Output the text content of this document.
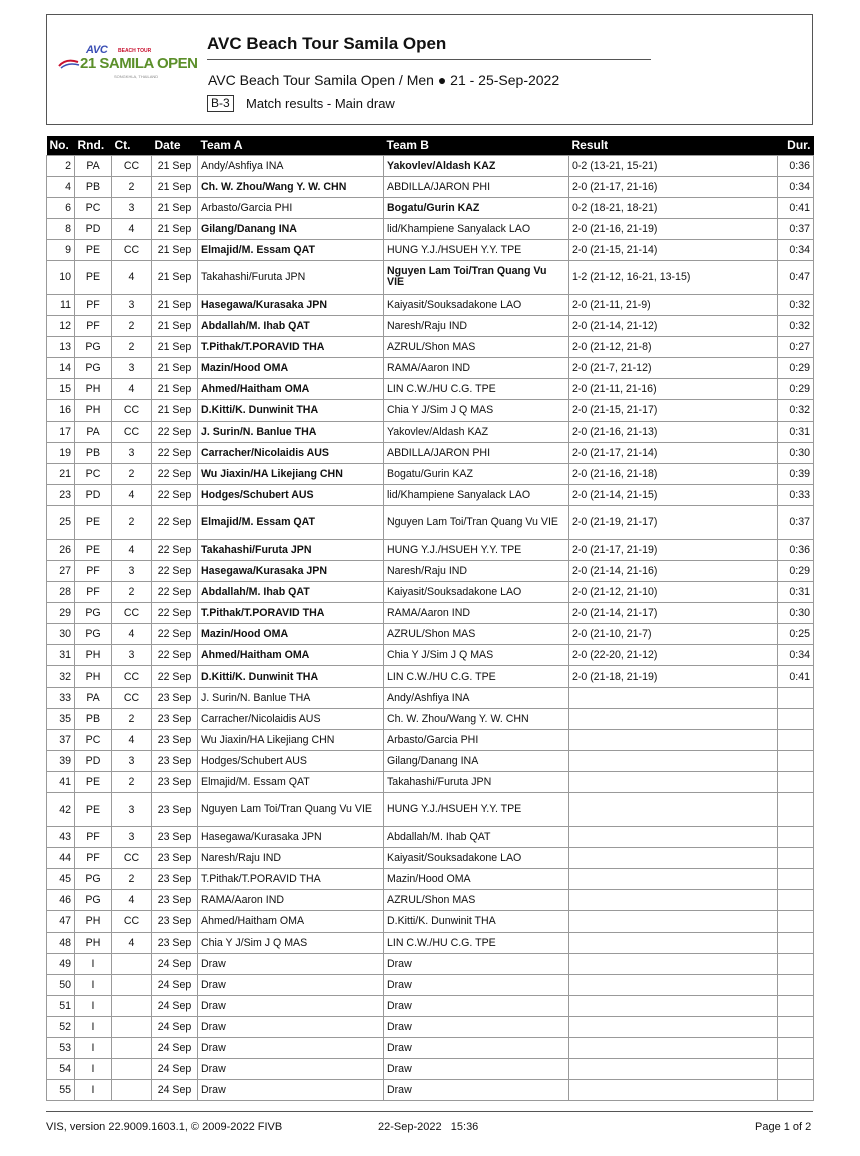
AVC BEACH TOUR
21 SAMILA OPEN
SONGKHLA, THAILAND
AVC Beach Tour Samila Open
AVC Beach Tour Samila Open / Men ● 21 - 25-Sep-2022
B-3	Match results - Main draw
No.	Rnd.	Ct.	Date	Team A	Team B	Result	Dur.
2	PA	CC	21 Sep	Andy/Ashfiya INA	Yakovlev/Aldash KAZ	0-2 (13-21, 15-21)	0:36
4	PB	2	21 Sep	Ch. W. Zhou/Wang Y. W. CHN	ABDILLA/JARON PHI	2-0 (21-17, 21-16)	0:34
6	PC	3	21 Sep	Arbasto/Garcia PHI	Bogatu/Gurin KAZ	0-2 (18-21, 18-21)	0:41
8	PD	4	21 Sep	Gilang/Danang INA	lid/Khampiene Sanyalack LAO	2-0 (21-16, 21-19)	0:37
9	PE	CC	21 Sep	Elmajid/M. Essam QAT	HUNG Y.J./HSUEH Y.Y. TPE	2-0 (21-15, 21-14)	0:34
10	PE	4	21 Sep	Takahashi/Furuta JPN	Nguyen Lam Toi/Tran Quang Vu VIE	1-2 (21-12, 16-21, 13-15)	0:47
11	PF	3	21 Sep	Hasegawa/Kurasaka JPN	Kaiyasit/Souksadakone LAO	2-0 (21-11, 21-9)	0:32
12	PF	2	21 Sep	Abdallah/M. Ihab QAT	Naresh/Raju IND	2-0 (21-14, 21-12)	0:32
13	PG	2	21 Sep	T.Pithak/T.PORAVID THA	AZRUL/Shon MAS	2-0 (21-12, 21-8)	0:27
14	PG	3	21 Sep	Mazin/Hood OMA	RAMA/Aaron IND	2-0 (21-7, 21-12)	0:29
15	PH	4	21 Sep	Ahmed/Haitham OMA	LIN C.W./HU C.G. TPE	2-0 (21-11, 21-16)	0:29
16	PH	CC	21 Sep	D.Kitti/K. Dunwinit THA	Chia Y J/Sim J Q MAS	2-0 (21-15, 21-17)	0:32
17	PA	CC	22 Sep	J. Surin/N. Banlue THA	Yakovlev/Aldash KAZ	2-0 (21-16, 21-13)	0:31
19	PB	3	22 Sep	Carracher/Nicolaidis AUS	ABDILLA/JARON PHI	2-0 (21-17, 21-14)	0:30
21	PC	2	22 Sep	Wu Jiaxin/HA Likejiang CHN	Bogatu/Gurin KAZ	2-0 (21-16, 21-18)	0:39
23	PD	4	22 Sep	Hodges/Schubert AUS	lid/Khampiene Sanyalack LAO	2-0 (21-14, 21-15)	0:33
25	PE	2	22 Sep	Elmajid/M. Essam QAT	Nguyen Lam Toi/Tran Quang Vu VIE	2-0 (21-19, 21-17)	0:37
26	PE	4	22 Sep	Takahashi/Furuta JPN	HUNG Y.J./HSUEH Y.Y. TPE	2-0 (21-17, 21-19)	0:36
27	PF	3	22 Sep	Hasegawa/Kurasaka JPN	Naresh/Raju IND	2-0 (21-14, 21-16)	0:29
28	PF	2	22 Sep	Abdallah/M. Ihab QAT	Kaiyasit/Souksadakone LAO	2-0 (21-12, 21-10)	0:31
29	PG	CC	22 Sep	T.Pithak/T.PORAVID THA	RAMA/Aaron IND	2-0 (21-14, 21-17)	0:30
30	PG	4	22 Sep	Mazin/Hood OMA	AZRUL/Shon MAS	2-0 (21-10, 21-7)	0:25
31	PH	3	22 Sep	Ahmed/Haitham OMA	Chia Y J/Sim J Q MAS	2-0 (22-20, 21-12)	0:34
32	PH	CC	22 Sep	D.Kitti/K. Dunwinit THA	LIN C.W./HU C.G. TPE	2-0 (21-18, 21-19)	0:41
33	PA	CC	23 Sep	J. Surin/N. Banlue THA	Andy/Ashfiya INA		
35	PB	2	23 Sep	Carracher/Nicolaidis AUS	Ch. W. Zhou/Wang Y. W. CHN		
37	PC	4	23 Sep	Wu Jiaxin/HA Likejiang CHN	Arbasto/Garcia PHI		
39	PD	3	23 Sep	Hodges/Schubert AUS	Gilang/Danang INA		
41	PE	2	23 Sep	Elmajid/M. Essam QAT	Takahashi/Furuta JPN		
42	PE	3	23 Sep	Nguyen Lam Toi/Tran Quang Vu VIE	HUNG Y.J./HSUEH Y.Y. TPE		
43	PF	3	23 Sep	Hasegawa/Kurasaka JPN	Abdallah/M. Ihab QAT		
44	PF	CC	23 Sep	Naresh/Raju IND	Kaiyasit/Souksadakone LAO		
45	PG	2	23 Sep	T.Pithak/T.PORAVID THA	Mazin/Hood OMA		
46	PG	4	23 Sep	RAMA/Aaron IND	AZRUL/Shon MAS		
47	PH	CC	23 Sep	Ahmed/Haitham OMA	D.Kitti/K. Dunwinit THA		
48	PH	4	23 Sep	Chia Y J/Sim J Q MAS	LIN C.W./HU C.G. TPE		
49	I		24 Sep	Draw	Draw		
50	I		24 Sep	Draw	Draw		
51	I		24 Sep	Draw	Draw		
52	I		24 Sep	Draw	Draw		
53	I		24 Sep	Draw	Draw		
54	I		24 Sep	Draw	Draw		
55	I		24 Sep	Draw	Draw		
VIS, version 22.9009.1603.1, © 2009-2022 FIVB	22-Sep-2022   15:36	Page 1 of 2
